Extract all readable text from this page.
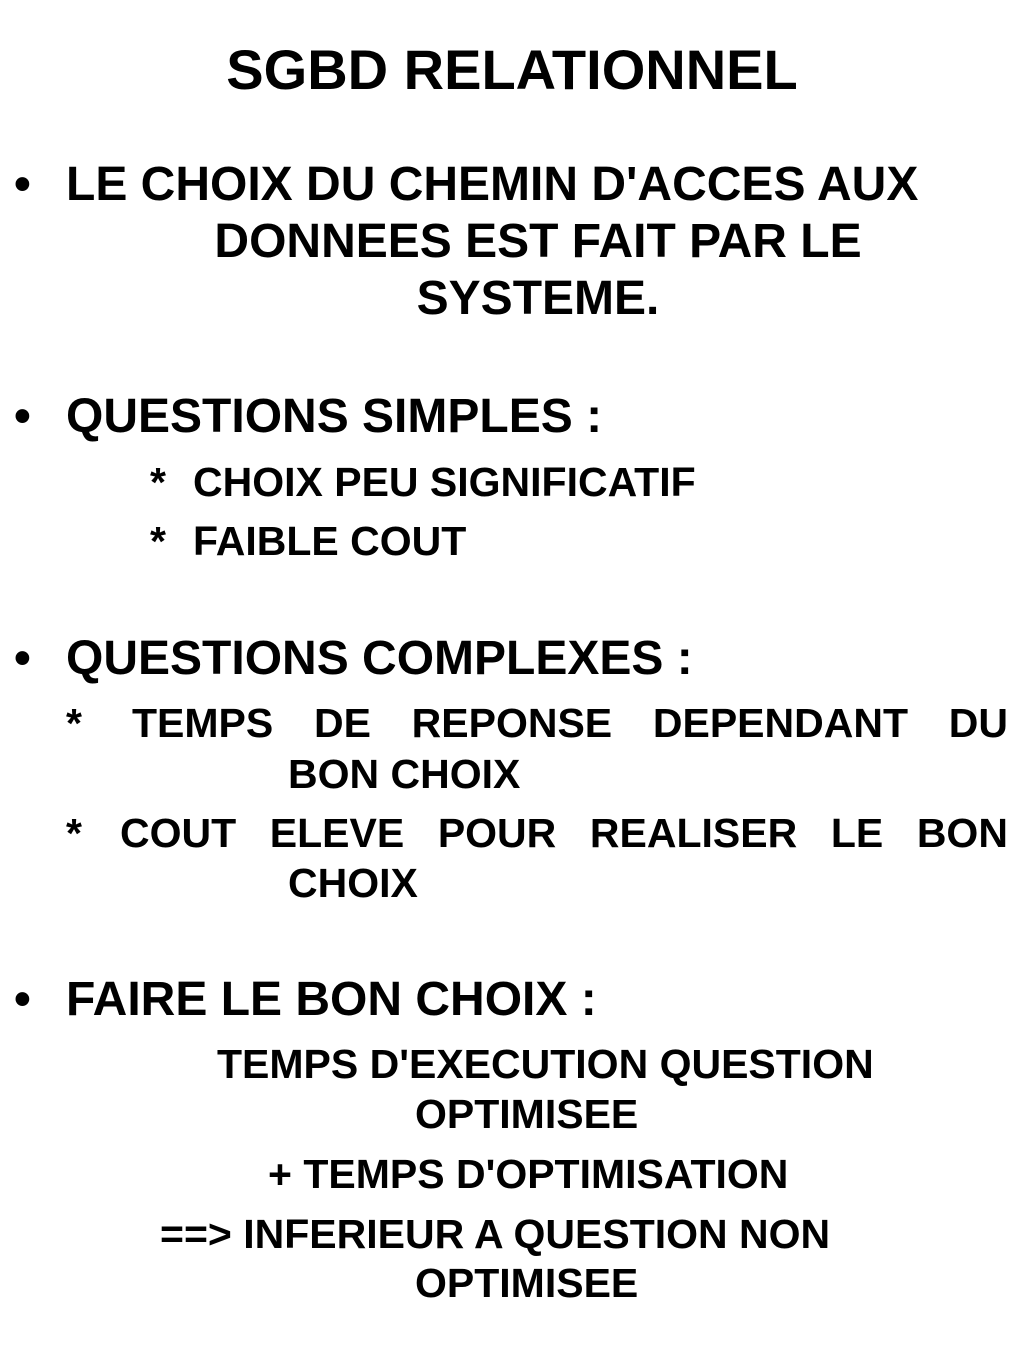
SGBD RELATIONNEL
• LE CHOIX DU CHEMIN D'ACCES AUX
DONNEES EST FAIT PAR LE
SYSTEME.
• QUESTIONS SIMPLES :
* CHOIX PEU SIGNIFICATIF
* FAIBLE COUT
• QUESTIONS COMPLEXES :
* TEMPS DE REPONSE DEPENDANT DU
BON CHOIX
* COUT ELEVE POUR REALISER LE BON
CHOIX
• FAIRE LE BON CHOIX :
TEMPS D'EXECUTION QUESTION
OPTIMISEE
+ TEMPS D'OPTIMISATION
==> INFERIEUR A QUESTION NON
OPTIMISEE
